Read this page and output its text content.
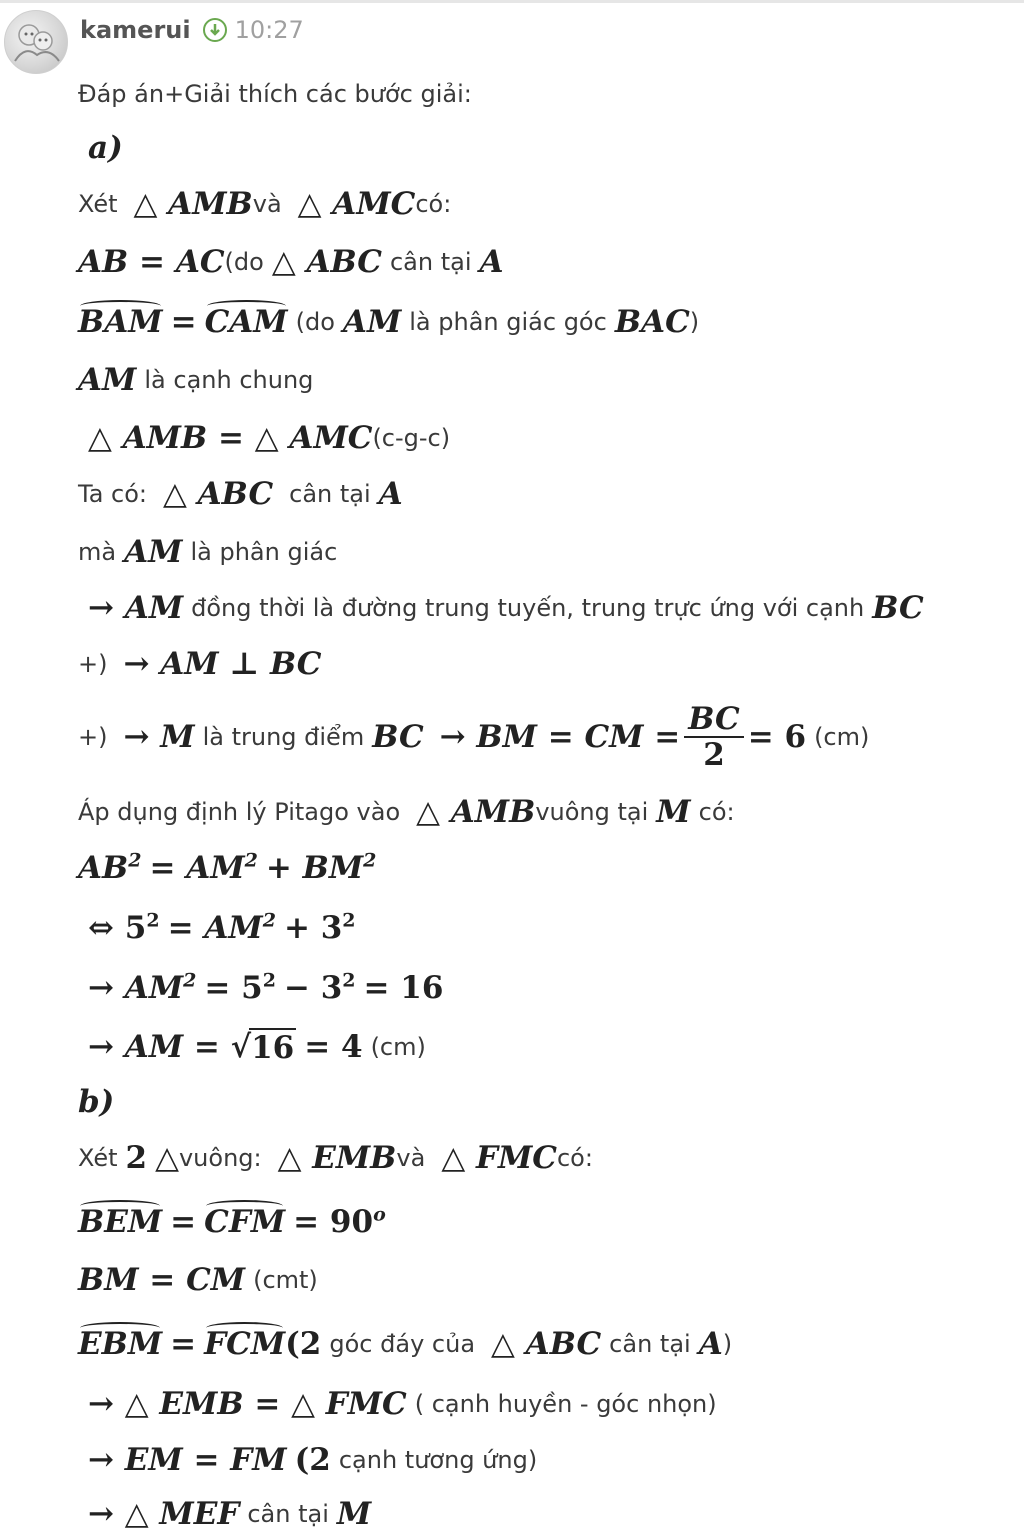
kamerui 10:27
Đáp án+Giải thích các bước giải:
a)
Xét △ AMB và △ AMC có:
AB = AC (do △ ABC cân tại A
BAM = CAM (do AM là phân giác góc BAC )
AM là cạnh chung
△ AMB = △ AMC (c-g-c)
Ta có: △ ABC cân tại A
mà AM là phân giác
→ AM đồng thời là đường trung tuyến, trung trực ứng với cạnh BC
+) → AM ⊥ BC
+) → M là trung điểm BC → BM = CM = $\frac{BC}{2} = 6$ (cm)
Áp dụng định lý Pitago vào △ AMB vuông tại M có:
$AB^2 = AM^2 + BM^2$
⇔ $5^2 = AM^2 + 3^2$
→ $AM^2 = 5^2 - 3^2 = 16$
→ AM = √ 16 = 4 (cm)
b)
Xét 2 △ vuông: △ EMB và △ FMC có:
BEM = CFM = $90^o$
BM = CM (cmt)
EBM = FCM (2 góc đáy của △ ABC cân tại A )
→ △ EMB = △ FMC ( cạnh huyền - góc nhọn)
→ EM = FM (2 cạnh tương ứng)
→ △ MEF cân tại M
